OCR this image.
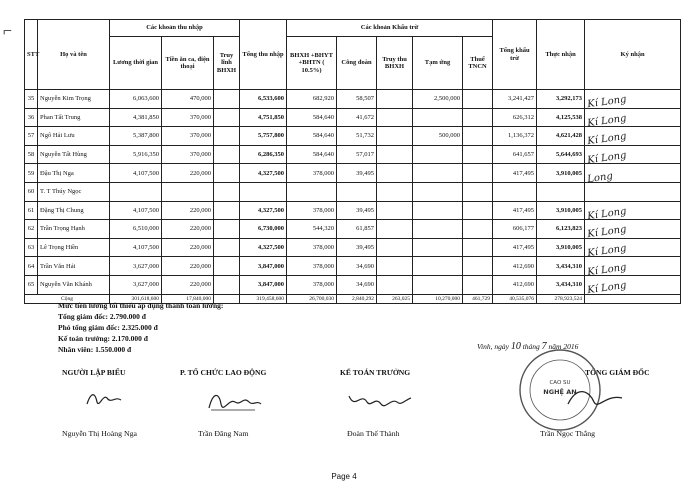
⌐
STT	Họ và tên	Các khoản thu nhập			Tổng thu nhập	Các khoản Khấu trừ					Tổng khấu trừ	Thực nhận	Ký nhận
		Lương thời gian	Tiền ăn ca, điện thoại	Truy lĩnh BHXH		BHXH +BHYT +BHTN ( 10.5%)	Công đoàn	Truy thu BHXH	Tạm ứng	Thuế TNCN			
35	Nguyễn Kim Trọng	6,063,600	470,000		6,533,600	682,920	58,507		2,500,000		3,241,427	3,292,173	Kí Long

36	Phan Tất Trung	4,381,850	370,000		4,751,850	584,640	41,672				626,312	4,125,538	Kí Long

57	Ngô Hải Lưu	5,387,800	370,000		5,757,800	584,640	51,732		500,000		1,136,372	4,621,428	Kí Long

58	Nguyễn Tất Hùng	5,916,350	370,000		6,286,350	584,640	57,017				641,657	5,644,693	Kí Long

59	Đậu Thị Nga	4,107,500	220,000		4,327,500	378,000	39,495				417,495	3,910,005	Long

60	T. T Thúy Ngọc												

61	Đặng Thị Chung	4,107,500	220,000		4,327,500	378,000	39,495				417,495	3,910,005	Kí Long

62	Trần Trọng Hạnh	6,510,000	220,000		6,730,000	544,320	61,857				606,177	6,123,823	Kí Long

63	Lê Trọng Hiền	4,107,500	220,000		4,327,500	378,000	39,495				417,495	3,910,005	Kí Long

64	Trần Văn Hải	3,627,000	220,000		3,847,000	378,000	34,690				412,690	3,434,310	Kí Long

65	Nguyễn Văn Khánh	3,627,000	220,000		3,847,000	378,000	34,690				412,690	3,434,310	Kí Long

Cộng		301,618,600	17,840,000		319,458,600	26,700,030	2,840,292	263,025	10,270,000	461,729	40,535,076	278,923,524	
Mức tiền lương tối thiểu áp dụng thanh toán lương:
Tổng giám đốc: 2.790.000 đ
Phó tổng giám đốc: 2.325.000 đ
Kế toán trưởng: 2.170.000 đ
Nhân viên: 1.550.000 đ	Vinh, ngày 10 tháng 7 năm 2016
NGƯỜI LẬP BIỂU	P. TỔ CHỨC LAO ĐỘNG	KẾ TOÁN TRƯỞNG	TỔNG GIÁM ĐỐC
CAO SU
NGHỆ AN
Nguyễn Thị Hoàng Nga	Trần Đăng Nam	Đoàn Thế Thành	Trần Ngọc Thắng
Page 4
